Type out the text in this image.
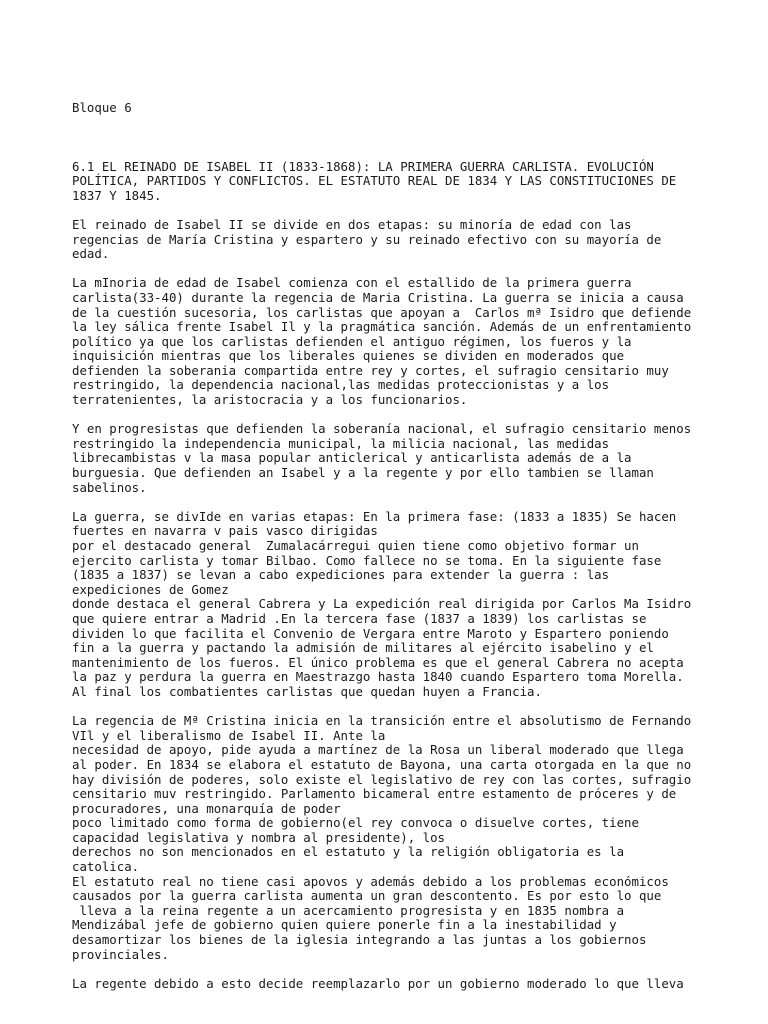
Bloque 6

6.1 EL REINADO DE ISABEL II (1833-1868): LA PRIMERA GUERRA CARLISTA. EVOLUCIÓN
POLÍTICA, PARTIDOS Y CONFLICTOS. EL ESTATUTO REAL DE 1834 Y LAS CONSTITUCIONES DE
1837 Y 1845.
El reinado de Isabel II se divide en dos etapas: su minoría de edad con las
regencias de María Cristina y espartero y su reinado efectivo con su mayoría de
edad.
La mInoria de edad de Isabel comienza con el estallido de la primera guerra
carlista(33-40) durante la regencia de Maria Cristina. La guerra se inicia a causa
de la cuestión sucesoria, los carlistas que apoyan a  Carlos mª Isidro que defiende
la ley sálica frente Isabel Il y la pragmática sanción. Además de un enfrentamiento
político ya que los carlistas defienden el antiguo régimen, los fueros y la
inquisición mientras que los liberales quienes se dividen en moderados que
defienden la soberania compartida entre rey y cortes, el sufragio censitario muy
restringido, la dependencia nacional,las medidas proteccionistas y a los
terratenientes, la aristocracia y a los funcionarios.
Y en progresistas que defienden la soberanía nacional, el sufragio censitario menos
restringido la independencia municipal, la milicia nacional, las medidas
librecambistas v la masa popular anticlerical y anticarlista además de a la
burguesia. Que defienden an Isabel y a la regente y por ello tambien se llaman
sabelinos.
La guerra, se divIde en varias etapas: En la primera fase: (1833 a 1835) Se hacen
fuertes en navarra v pais vasco dirigidas
por el destacado general  Zumalacárregui quien tiene como objetivo formar un
ejercito carlista y tomar Bilbao. Como fallece no se toma. En la siguiente fase
(1835 a 1837) se levan a cabo expediciones para extender la guerra : las
expediciones de Gomez
donde destaca el general Cabrera y La expedición real dirigida por Carlos Ma Isidro
que quiere entrar a Madrid .En la tercera fase (1837 a 1839) los carlistas se
dividen lo que facilita el Convenio de Vergara entre Maroto y Espartero poniendo
fin a la guerra y pactando la admisión de militares al ejército isabelino y el
mantenimiento de los fueros. El único problema es que el general Cabrera no acepta
la paz y perdura la guerra en Maestrazgo hasta 1840 cuando Espartero toma Morella.
Al final los combatientes carlistas que quedan huyen a Francia.
La regencia de Mª Cristina inicia en la transición entre el absolutismo de Fernando
VIl y el liberalismo de Isabel II. Ante la
necesidad de apoyo, pide ayuda a martínez de la Rosa un liberal moderado que llega
al poder. En 1834 se elabora el estatuto de Bayona, una carta otorgada en la que no
hay división de poderes, solo existe el legislativo de rey con las cortes, sufragio
censitario muv restringido. Parlamento bicameral entre estamento de próceres y de
procuradores, una monarquía de poder
poco limitado como forma de gobierno(el rey convoca o disuelve cortes, tiene
capacidad legislativa y nombra al presidente), los
derechos no son mencionados en el estatuto y la religión obligatoria es la
catolica.
El estatuto real no tiene casi apovos y además debido a los problemas económicos
causados por la guerra carlista aumenta un gran descontento. Es por esto lo que
lleva a la reina regente a un acercamiento progresista y en 1835 nombra a
Mendizábal jefe de gobierno quien quiere ponerle fin a la inestabilidad y
desamortizar los bienes de la iglesia integrando a las juntas a los gobiernos
provinciales.
La regente debido a esto decide reemplazarlo por un gobierno moderado lo que lleva
